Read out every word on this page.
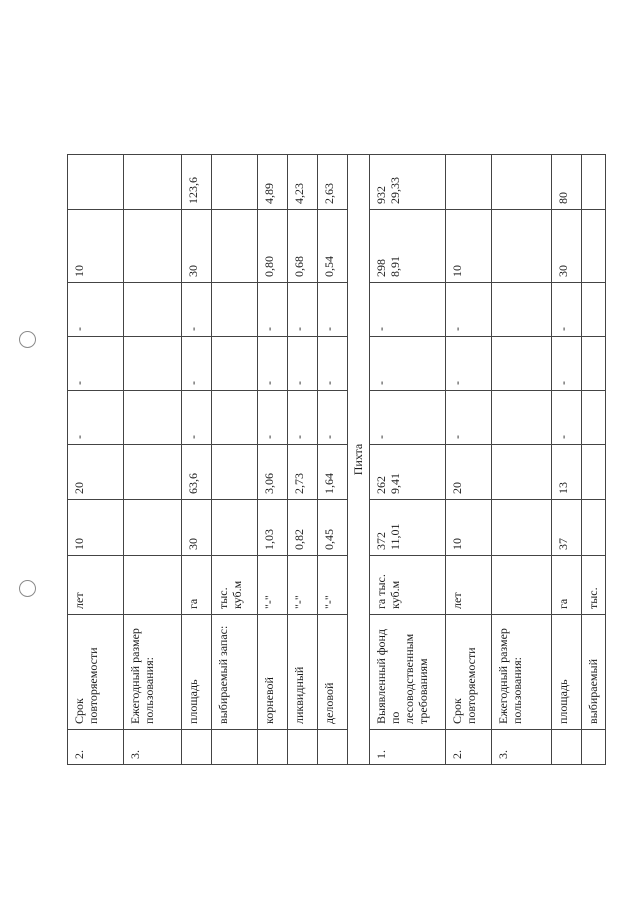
2.	Срок повторяемости	лет	10	20	-	-	-	10	
3.	Ежегодный размер пользования:								
	площадь	га	30	63,6	-	-	-	30	123,6
	выбираемый запас:	тыс. куб.м							
	корневой	"-"	1,03	3,06	-	-	-	0,80	4,89
	ликвидный	"-"	0,82	2,73	-	-	-	0,68	4,23
	деловой	"-"	0,45	1,64	-	-	-	0,54	2,63
Пихта									
1.	Выявленный фонд по лесоводственным требованиям	га тыс. куб.м	372 11,01	262 9,41	-	-	-	298 8,91	932 29,33

2.	Срок повторяемости	лет	10	20	-	-	-	10	
3.	Ежегодный размер пользования:								
	площадь	га	37	13	-	-	-	30	80
	выбираемый	тыс.							
